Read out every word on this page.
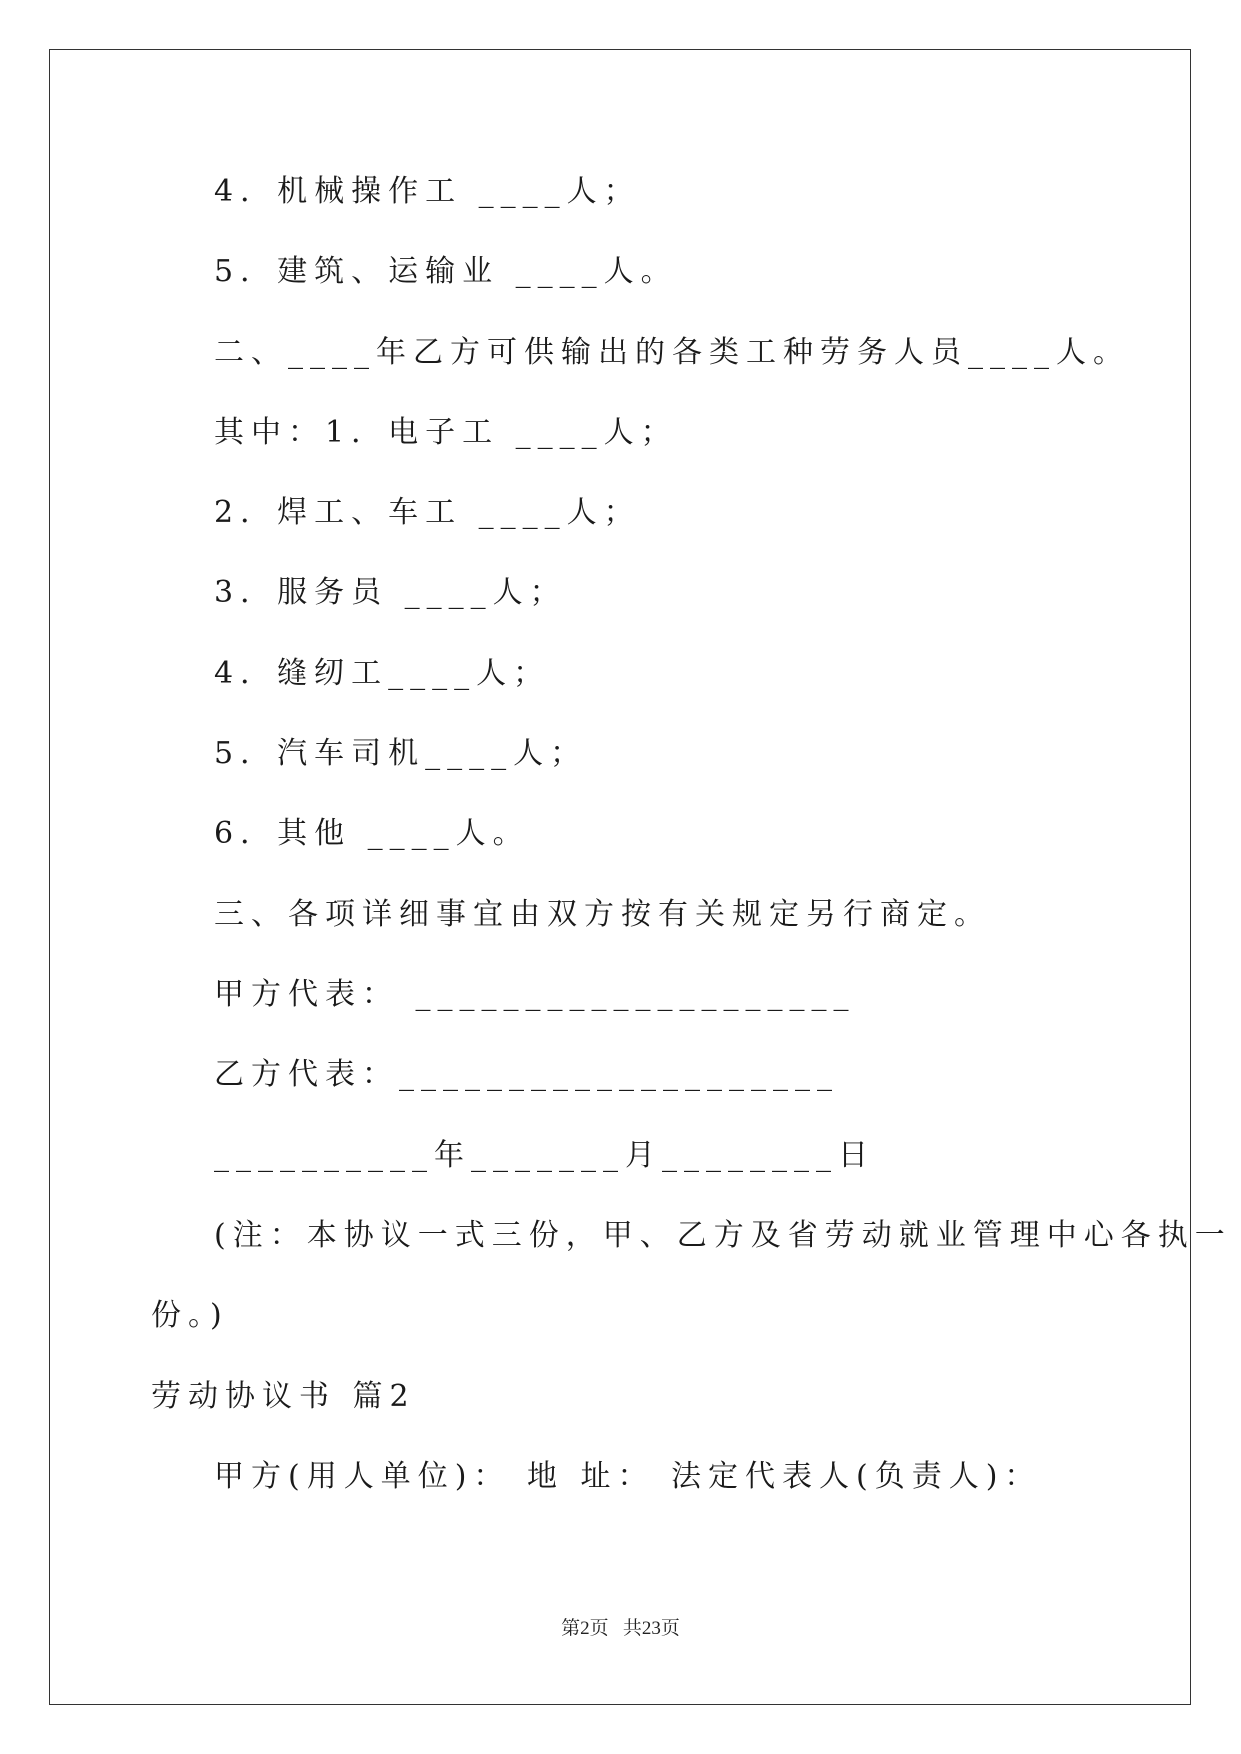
4．机械操作工 ____人；
5．建筑、运输业 ____人。
二、____年乙方可供输出的各类工种劳务人员____人。
其中：1．电子工 ____人；
2．焊工、车工 ____人；
3．服务员 ____人；
4．缝纫工____人；
5．汽车司机____人；
6．其他 ____人。
三、各项详细事宜由双方按有关规定另行商定。
甲方代表： ____________________
乙方代表：____________________
__________年_______月________日
(注：本协议一式三份，甲、乙方及省劳动就业管理中心各执一
份。)
劳动协议书 篇2
甲方(用人单位)： 地 址： 法定代表人(负责人)：
第2页   共23页
